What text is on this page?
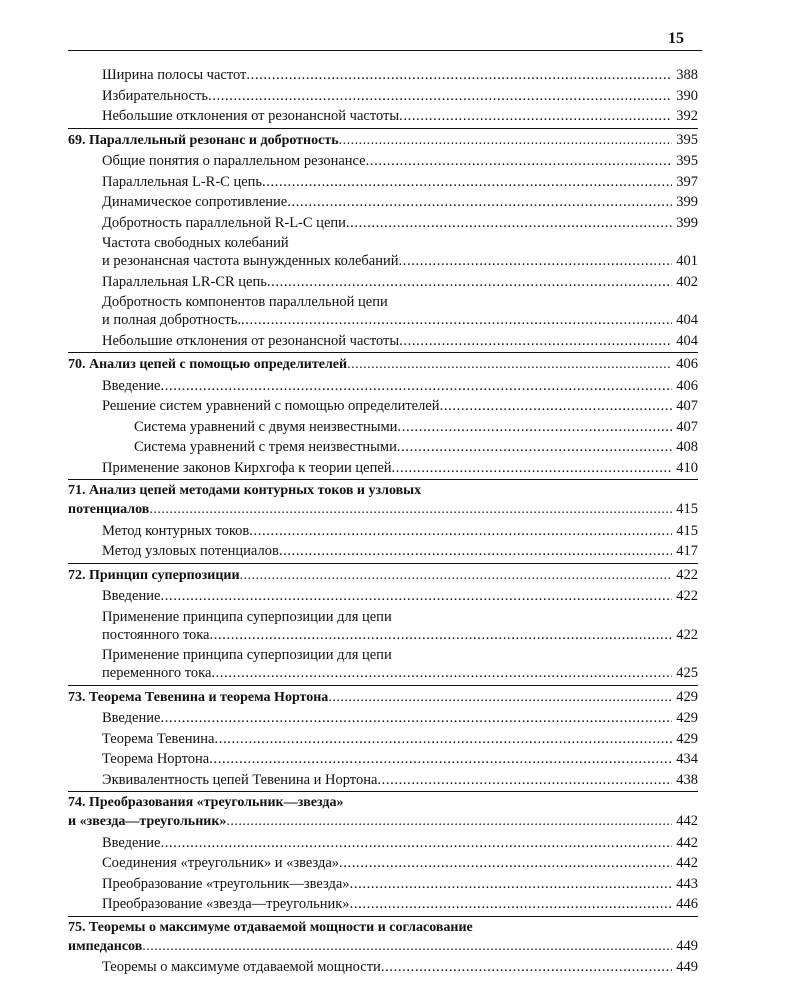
15
Ширина полосы частот . . .	388
Избирательность . . .	390
Небольшие отклонения от резонансной частоты . . .	392
69. Параллельный резонанс и добротность . . .	395
Общие понятия о параллельном резонансе . . .	395
Параллельная L-R-C цепь . . .	397
Динамическое сопротивление . . .	399
Добротность параллельной R-L-C цепи . . .	399
Частота свободных колебаний
и резонансная частота вынужденных колебаний . . .	401
Параллельная LR-CR цепь . . .	402
Добротность компонентов параллельной цепи
и полная добротность. . . .	404
Небольшие отклонения от резонансной частоты . . .	404
70. Анализ цепей с помощью определителей . . .	406
Введение . . .	406
Решение систем уравнений с помощью определителей . . .	407
Система уравнений с двумя неизвестными . . .	407
Система уравнений с тремя неизвестными . . .	408
Применение законов Кирхгофа к теории цепей . . .	410
71. Анализ цепей методами контурных токов и узловых
потенциалов . . .	415
Метод контурных токов . . .	415
Метод узловых потенциалов . . .	417
72. Принцип суперпозиции . . .	422
Введение . . .	422
Применение принципа суперпозиции для цепи
постоянного тока . . .	422
Применение принципа суперпозиции для цепи
переменного тока . . .	425
73. Теорема Тевенина и теорема Нортона . . .	429
Введение . . .	429
Теорема Тевенина . . .	429
Теорема Нортона . . .	434
Эквивалентность цепей Тевенина и Нортона . . .	438
74. Преобразования «треугольник—звезда»
и «звезда—треугольник» . . .	442
Введение . . .	442
Соединения «треугольник» и «звезда» . . .	442
Преобразование «треугольник—звезда» . . .	443
Преобразование «звезда—треугольник» . . .	446
75. Теоремы о максимуме отдаваемой мощности и согласование
импедансов . . .	449
Теоремы о максимуме отдаваемой мощности . . .	449
